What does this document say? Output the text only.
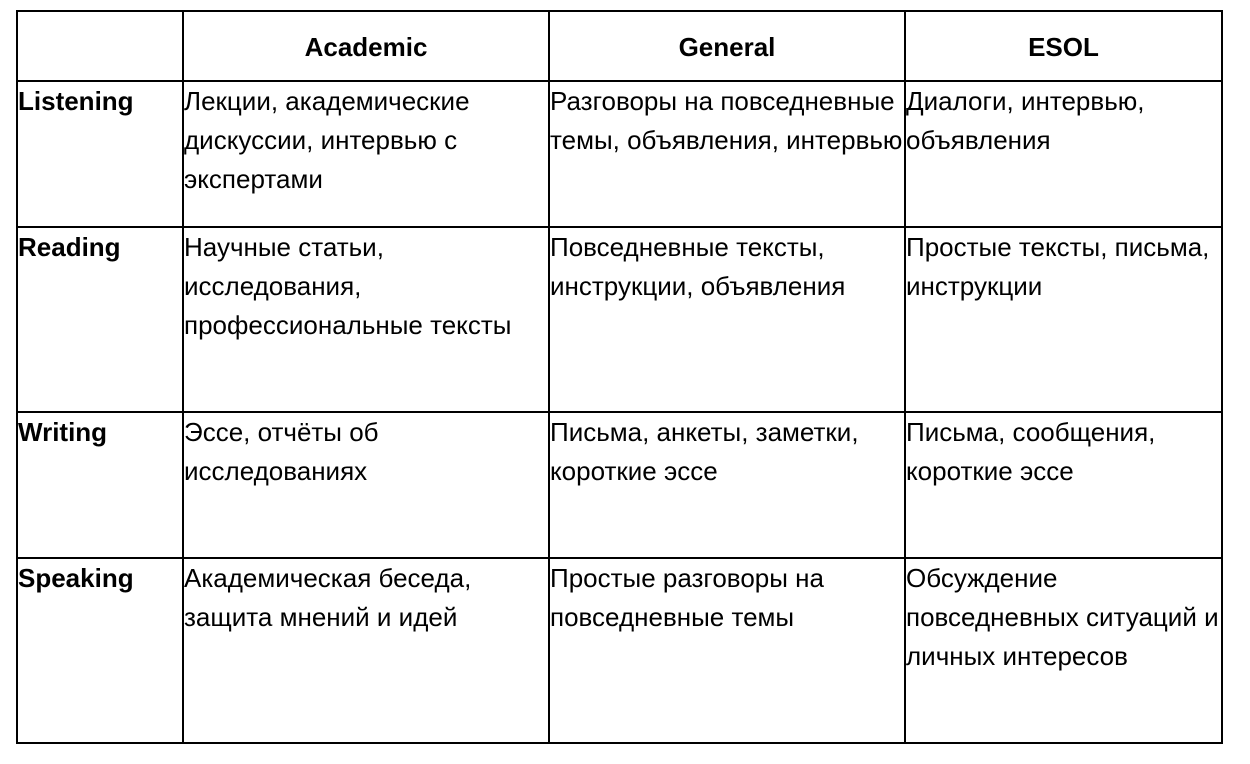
	Academic	General	ESOL
Listening	Лекции, академические дискуссии, интервью с экспертами	Разговоры на повседневные темы, объявления, интервью	Диалоги, интервью, объявления
Reading	Научные статьи, исследования, профессиональные тексты	Повседневные тексты, инструкции, объявления	Простые тексты, письма, инструкции
Writing	Эссе, отчёты об исследованиях	Письма, анкеты, заметки, короткие эссе	Письма, сообщения, короткие эссе
Speaking	Академическая беседа, защита мнений и идей	Простые разговоры на повседневные темы	Обсуждение повседневных ситуаций и личных интересов
